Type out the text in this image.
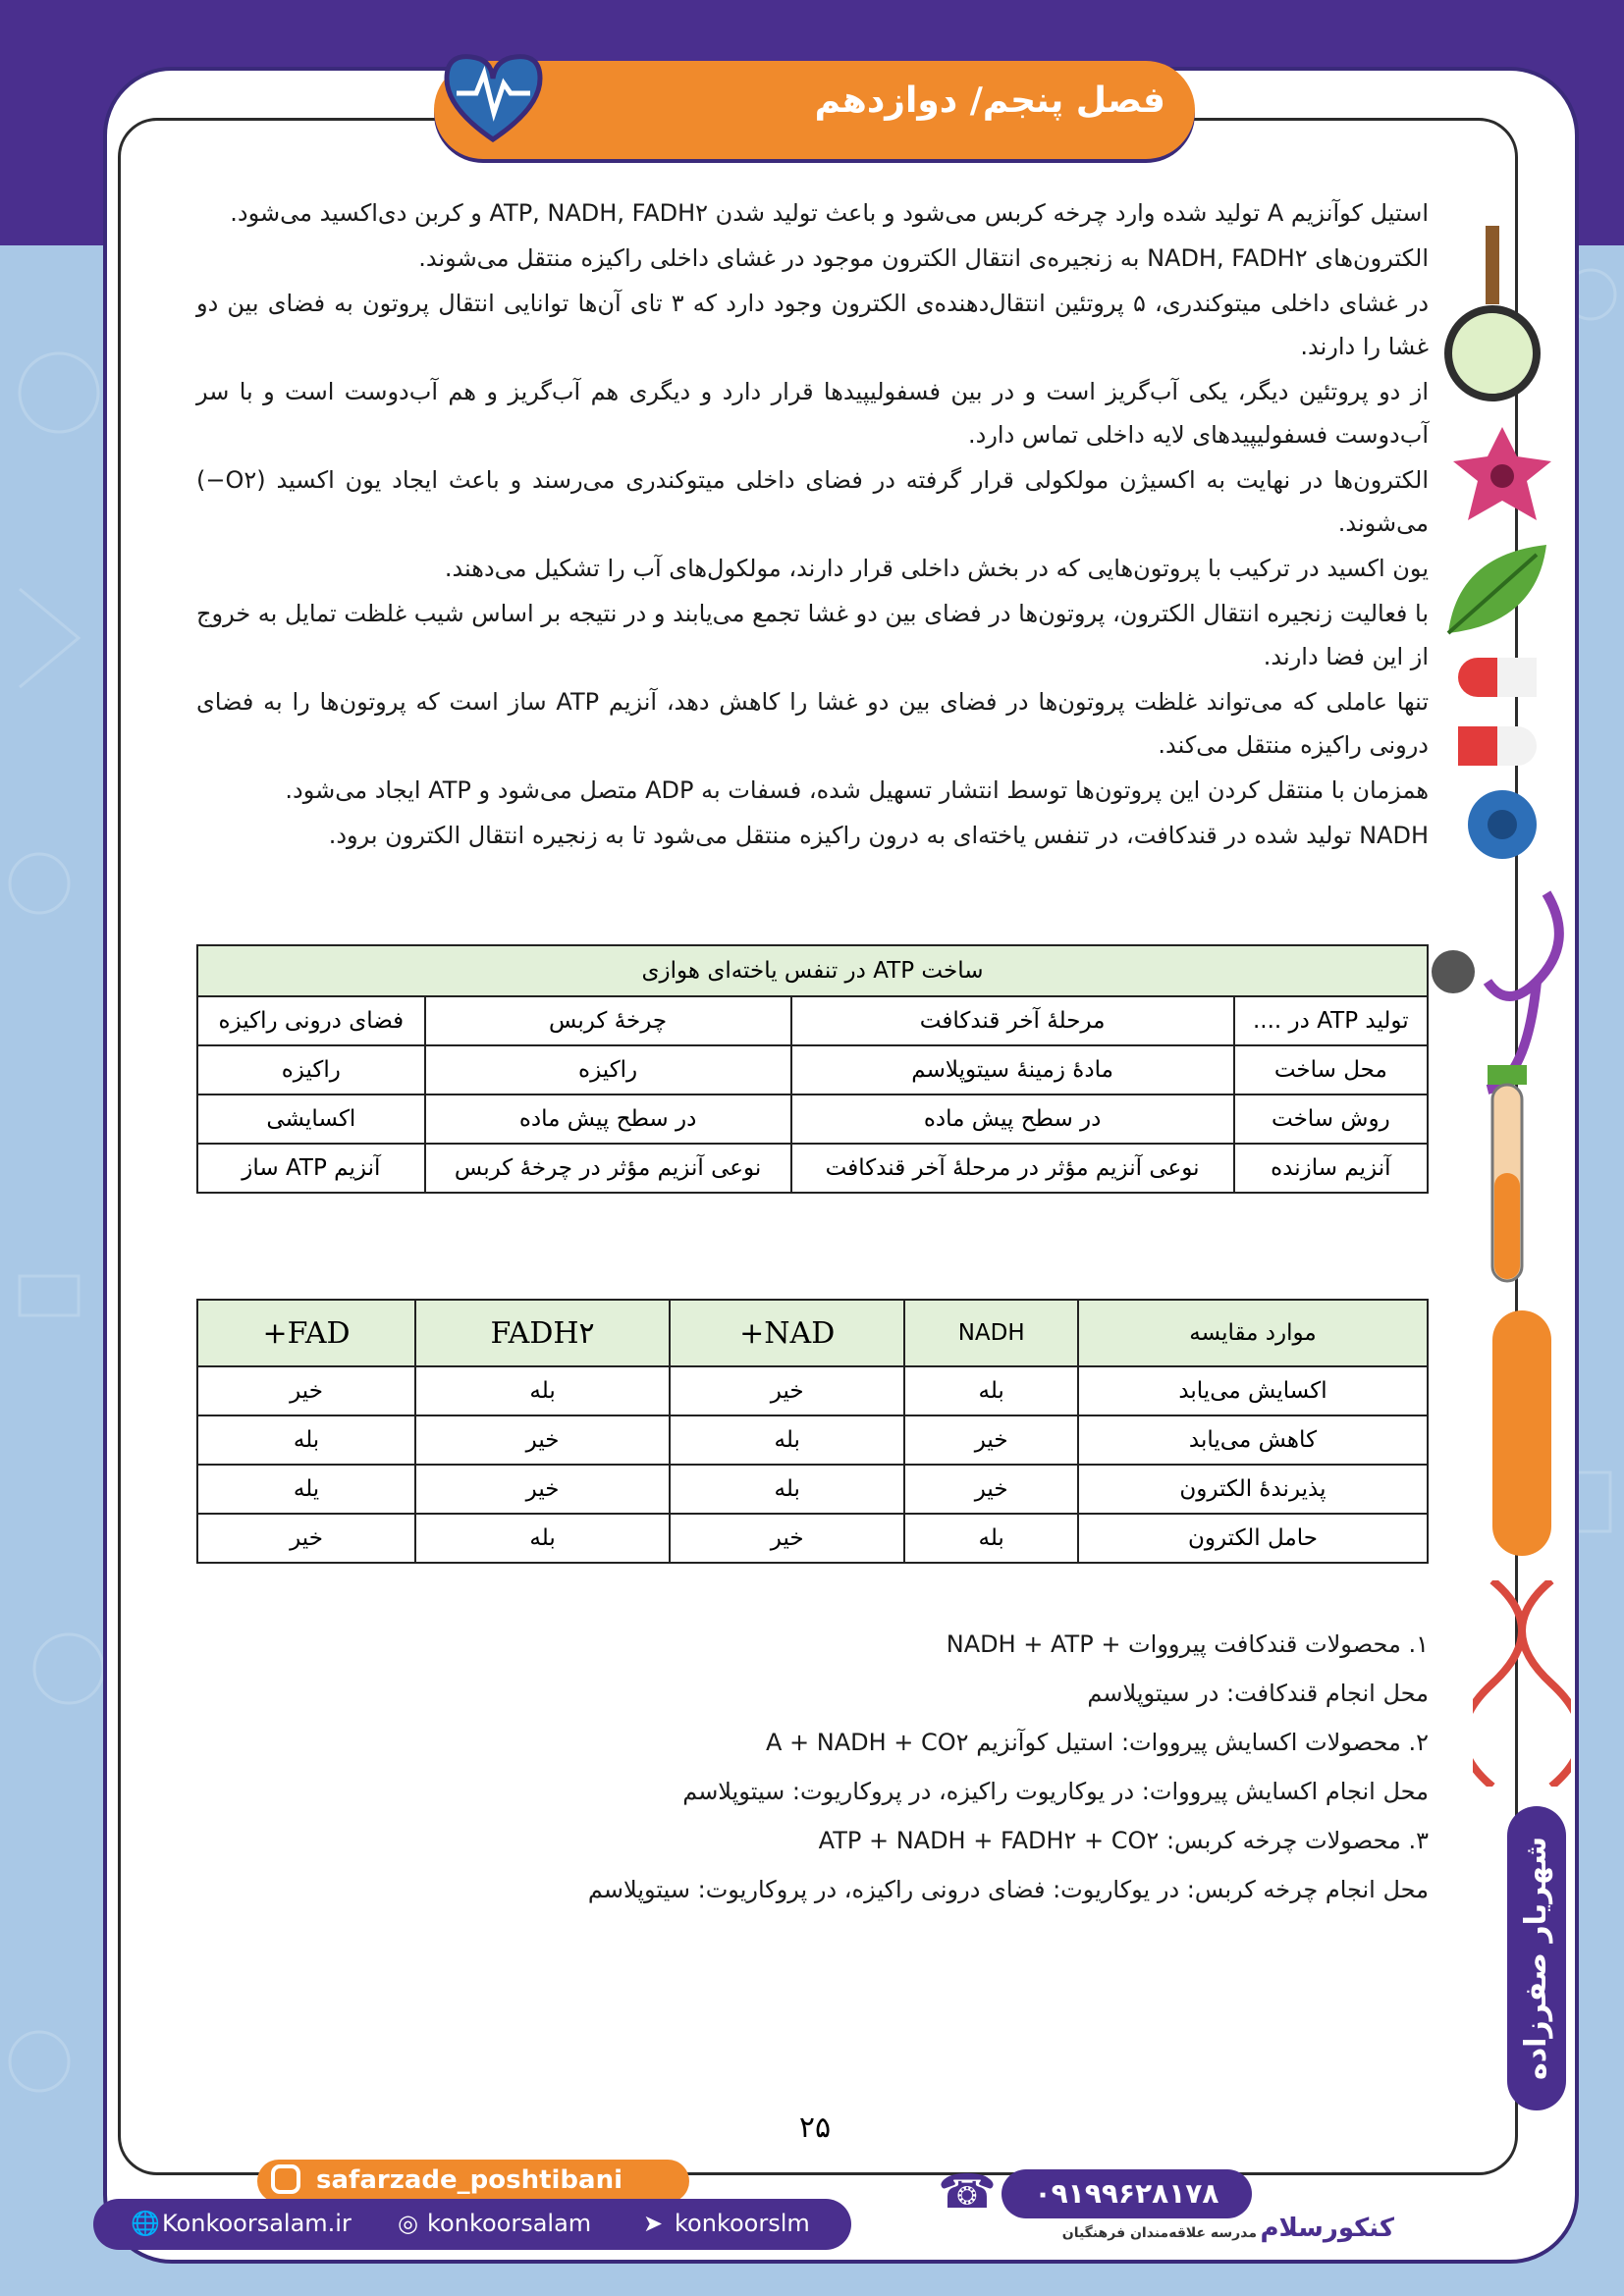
فصل پنجم/ دوازدهم

استیل کوآنزیم A تولید شده وارد چرخه کربس می‌شود و باعث تولید شدن ATP, NADH, FADH۲ و کربن دی‌اکسید می‌شود.

الکترون‌های NADH, FADH۲ به زنجیره‌ی انتقال الکترون موجود در غشای داخلی راکیزه منتقل می‌شوند.

در غشای داخلی میتوکندری، ۵ پروتئین انتقال‌دهنده‌ی الکترون وجود دارد که ۳ تای آن‌ها توانایی انتقال پروتون به فضای بین دو غشا را دارند.

از دو پروتئین دیگر، یکی آب‌گریز است و در بین فسفولیپیدها قرار دارد و دیگری هم آب‌گریز و هم آب‌دوست است و با سر آب‌دوست فسفولیپیدهای لایه داخلی تماس دارد.

الکترون‌ها در نهایت به اکسیژن مولکولی قرار گرفته در فضای داخلی میتوکندری می‌رسند و باعث ایجاد یون اکسید (O۲−) می‌شوند.

یون اکسید در ترکیب با پروتون‌هایی که در بخش داخلی قرار دارند، مولکول‌های آب را تشکیل می‌دهند.

با فعالیت زنجیره انتقال الکترون، پروتون‌ها در فضای بین دو غشا تجمع می‌یابند و در نتیجه بر اساس شیب غلظت تمایل به خروج از این فضا دارند.

تنها عاملی که می‌تواند غلظت پروتون‌ها در فضای بین دو غشا را کاهش دهد، آنزیم ATP ساز است که پروتون‌ها را به فضای درونی راکیزه منتقل می‌کند.

همزمان با منتقل کردن این پروتون‌ها توسط انتشار تسهیل شده، فسفات به ADP متصل می‌شود و ATP ایجاد می‌شود.

NADH تولید شده در قندکافت، در تنفس یاخته‌ای به درون راکیزه منتقل می‌شود تا به زنجیره انتقال الکترون برود.

ساخت ATP در تنفس یاخته‌ای هوازی			
تولید ATP در ....	مرحلهٔ آخر قندکافت	چرخهٔ کربس	فضای درونی راکیزه
محل ساخت	مادهٔ زمینهٔ سیتوپلاسم	راکیزه	راکیزه
روش ساخت	در سطح پیش ماده	در سطح پیش ماده	اکسایشی
آنزیم سازنده	نوعی آنزیم مؤثر در مرحلهٔ آخر قندکافت	نوعی آنزیم مؤثر در چرخهٔ کربس	آنزیم ATP ساز
موارد مقایسه	NADH	NAD+	FADH۲	FAD+
اکسایش می‌یابد	بله	خیر	بله	خیر
کاهش می‌یابد	خیر	بله	خیر	بله
پذیرندهٔ الکترون	خیر	بله	خیر	یله
حامل الکترون	بله	خیر	بله	خیر

۱. محصولات قندکافت پیرووات + NADH + ATP

محل انجام قندکافت: در سیتوپلاسم

۲. محصولات اکسایش پیرووات: استیل کوآنزیم A + NADH + CO۲

محل انجام اکسایش پیرووات: در یوکاریوت راکیزه، در پروکاریوت: سیتوپلاسم

۳. محصولات چرخه کربس: ATP + NADH + FADH۲ + CO۲

محل انجام چرخه کربس: در یوکاریوت: فضای درونی راکیزه، در پروکاریوت: سیتوپلاسم

۲۵
safarzade_poshtibani
🌐 Konkoorsalam.ir ◎ konkoorsalam ➤ konkoorslm
☎	۰۹۱۹۹۶۲۸۱۷۸
کنکورسلام
مدرسه علاقه‌مندان فرهنگیان
شهریار صفرزاده
